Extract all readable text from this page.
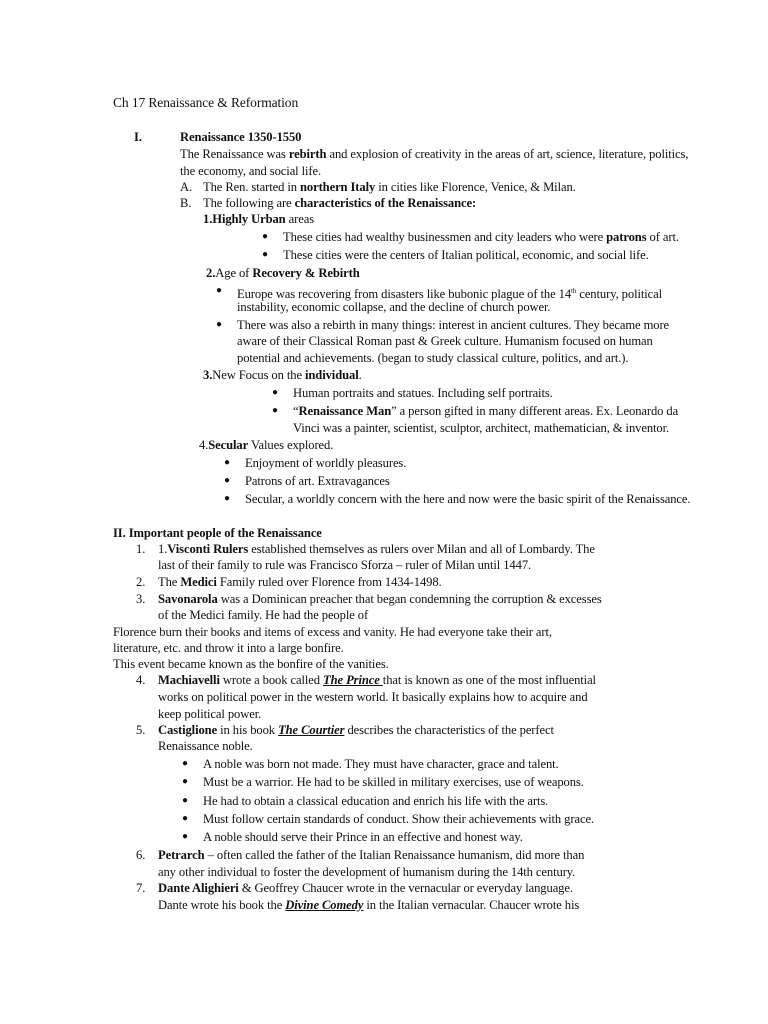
Ch 17 Renaissance & Reformation
I.	Renaissance 1350-1550
The Renaissance was rebirth and explosion of creativity in the areas of art, science, literature, politics,
the economy, and social life.
A. The Ren. started in northern Italy in cities like Florence, Venice, & Milan.
B. The following are characteristics of the Renaissance:
1.Highly Urban areas
● These cities had wealthy businessmen and city leaders who were patrons of art.
● These cities were the centers of Italian political, economic, and social life.
2.Age of Recovery & Rebirth
● Europe was recovering from disasters like bubonic plague of the 14th century, political
instability, economic collapse, and the decline of church power.
● There was also a rebirth in many things: interest in ancient cultures. They became more
aware of their Classical Roman past & Greek culture. Humanism focused on human
potential and achievements. (began to study classical culture, politics, and art.).
3.New Focus on the individual.
● Human portraits and statues. Including self portraits.
● “Renaissance Man” a person gifted in many different areas. Ex. Leonardo da
Vinci was a painter, scientist, sculptor, architect, mathematician, & inventor.
4.Secular Values explored.
● Enjoyment of worldly pleasures.
● Patrons of art. Extravagances
● Secular, a worldly concern with the here and now were the basic spirit of the Renaissance.
II. Important people of the Renaissance
1. 1.Visconti Rulers established themselves as rulers over Milan and all of Lombardy. The
last of their family to rule was Francisco Sforza – ruler of Milan until 1447.
2. The Medici Family ruled over Florence from 1434-1498.
3. Savonarola was a Dominican preacher that began condemning the corruption & excesses
of the Medici family. He had the people of
Florence burn their books and items of excess and vanity. He had everyone take their art,
literature, etc. and throw it into a large bonfire.
This event became known as the bonfire of the vanities.
4. Machiavelli wrote a book called The Prince that is known as one of the most influential
works on political power in the western world. It basically explains how to acquire and
keep political power.
5. Castiglione in his book The Courtier describes the characteristics of the perfect
Renaissance noble.
● A noble was born not made. They must have character, grace and talent.
● Must be a warrior. He had to be skilled in military exercises, use of weapons.
● He had to obtain a classical education and enrich his life with the arts.
● Must follow certain standards of conduct. Show their achievements with grace.
● A noble should serve their Prince in an effective and honest way.
6. Petrarch – often called the father of the Italian Renaissance humanism, did more than
any other individual to foster the development of humanism during the 14th century.
7. Dante Alighieri & Geoffrey Chaucer wrote in the vernacular or everyday language.
Dante wrote his book the Divine Comedy in the Italian vernacular. Chaucer wrote his
